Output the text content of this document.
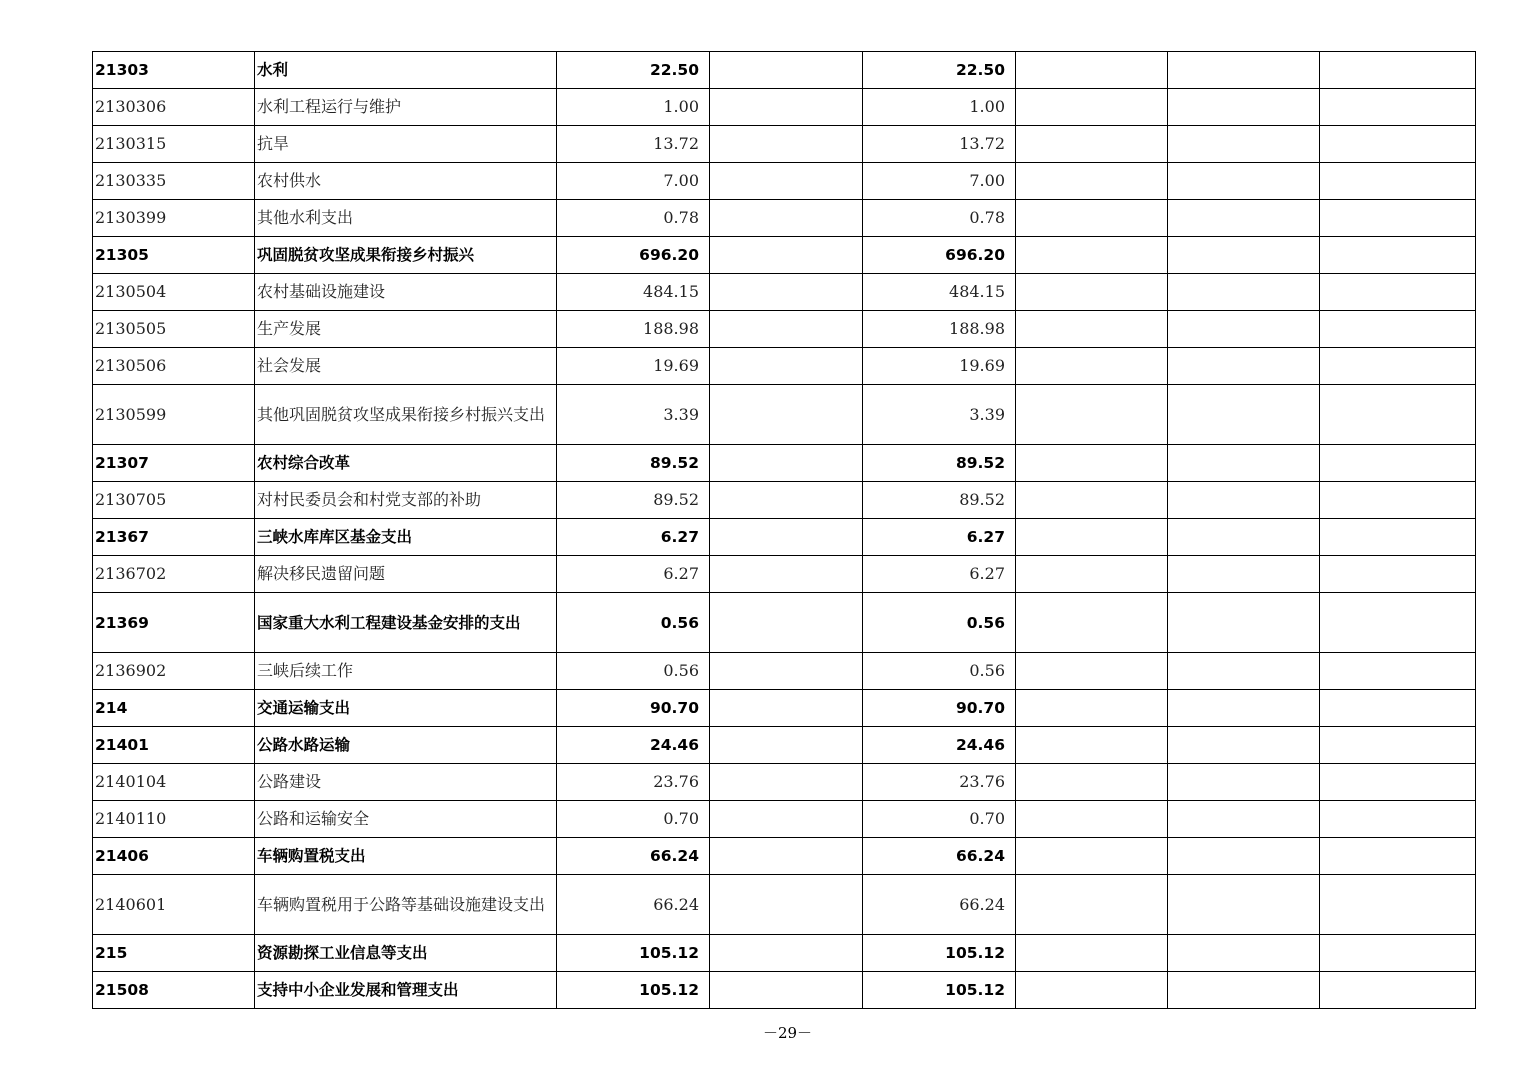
21303	水利	22.50		22.50			
2130306	水利工程运行与维护	1.00		1.00			
2130315	抗旱	13.72		13.72			
2130335	农村供水	7.00		7.00			
2130399	其他水利支出	0.78		0.78			
21305	巩固脱贫攻坚成果衔接乡村振兴	696.20		696.20			
2130504	农村基础设施建设	484.15		484.15			
2130505	生产发展	188.98		188.98			
2130506	社会发展	19.69		19.69			
2130599	其他巩固脱贫攻坚成果衔接乡村振兴支出	3.39		3.39			
21307	农村综合改革	89.52		89.52			
2130705	对村民委员会和村党支部的补助	89.52		89.52			
21367	三峡水库库区基金支出	6.27		6.27			
2136702	解决移民遗留问题	6.27		6.27			
21369	国家重大水利工程建设基金安排的支出	0.56		0.56			
2136902	三峡后续工作	0.56		0.56			
214	交通运输支出	90.70		90.70			
21401	公路水路运输	24.46		24.46			
2140104	公路建设	23.76		23.76			
2140110	公路和运输安全	0.70		0.70			
21406	车辆购置税支出	66.24		66.24			
2140601	车辆购置税用于公路等基础设施建设支出	66.24		66.24			
215	资源勘探工业信息等支出	105.12		105.12			
21508	支持中小企业发展和管理支出	105.12		105.12			
－29－
